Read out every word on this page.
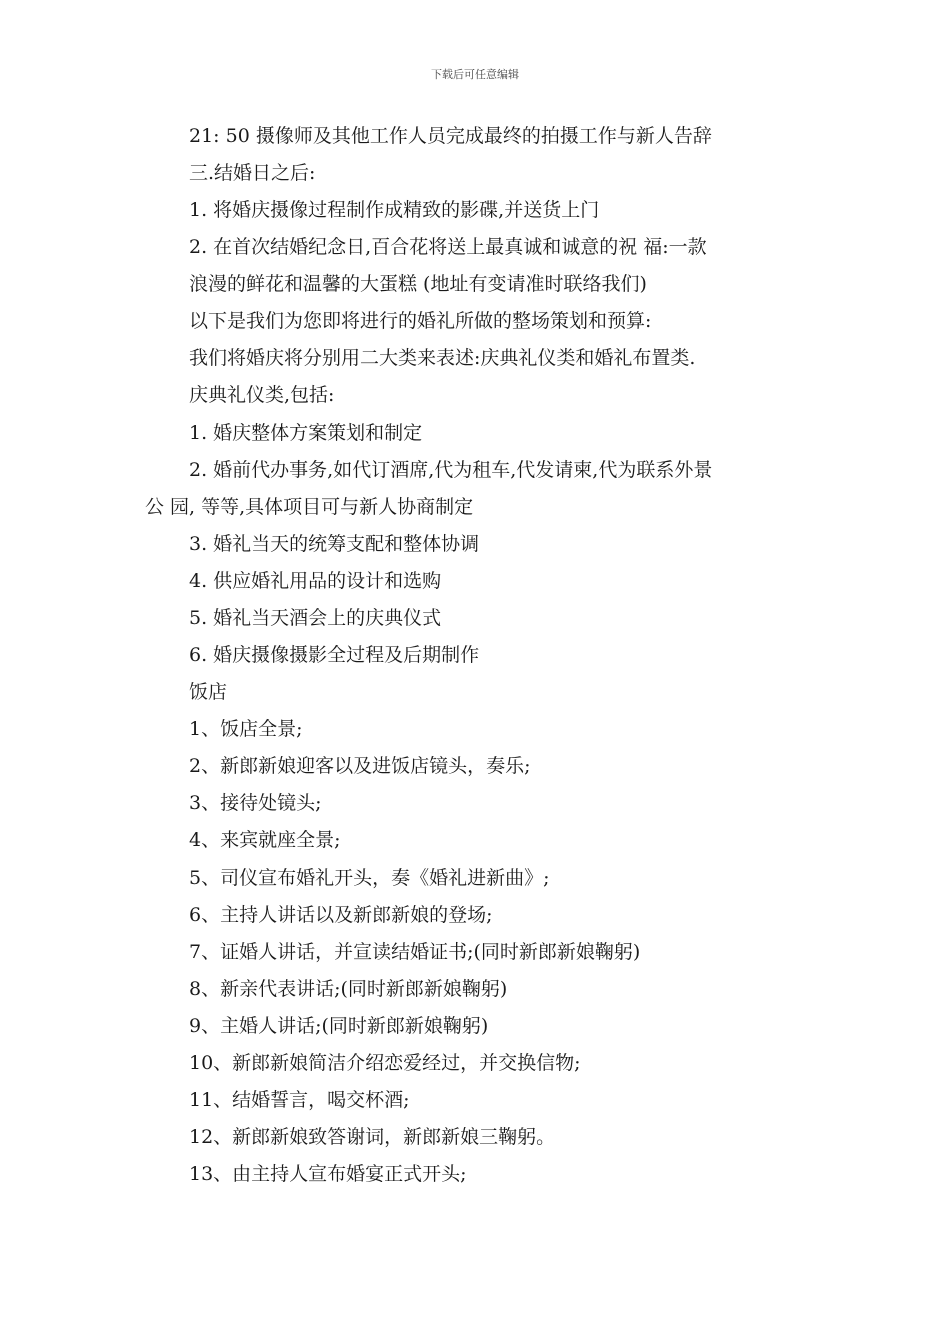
下载后可任意编辑
21: 50 摄像师及其他工作人员完成最终的拍摄工作与新人告辞
三.结婚日之后:
1. 将婚庆摄像过程制作成精致的影碟,并送货上门
2. 在首次结婚纪念日,百合花将送上最真诚和诚意的祝 福:一款
浪漫的鲜花和温馨的大蛋糕 (地址有变请准时联络我们)
以下是我们为您即将进行的婚礼所做的整场策划和预算:
我们将婚庆将分别用二大类来表述:庆典礼仪类和婚礼布置类.
庆典礼仪类,包括:
1. 婚庆整体方案策划和制定
2. 婚前代办事务,如代订酒席,代为租车,代发请柬,代为联系外景
公 园, 等等,具体项目可与新人协商制定
3. 婚礼当天的统筹支配和整体协调
4. 供应婚礼用品的设计和选购
5. 婚礼当天酒会上的庆典仪式
6. 婚庆摄像摄影全过程及后期制作
饭店
1、饭店全景;
2、新郎新娘迎客以及进饭店镜头，奏乐;
3、接待处镜头;
4、来宾就座全景;
5、司仪宣布婚礼开头，奏《婚礼进新曲》;
6、主持人讲话以及新郎新娘的登场;
7、证婚人讲话，并宣读结婚证书;(同时新郎新娘鞠躬)
8、新亲代表讲话;(同时新郎新娘鞠躬)
9、主婚人讲话;(同时新郎新娘鞠躬)
10、新郎新娘简洁介绍恋爱经过，并交换信物;
11、结婚誓言，喝交杯酒;
12、新郎新娘致答谢词，新郎新娘三鞠躬。
13、由主持人宣布婚宴正式开头;
